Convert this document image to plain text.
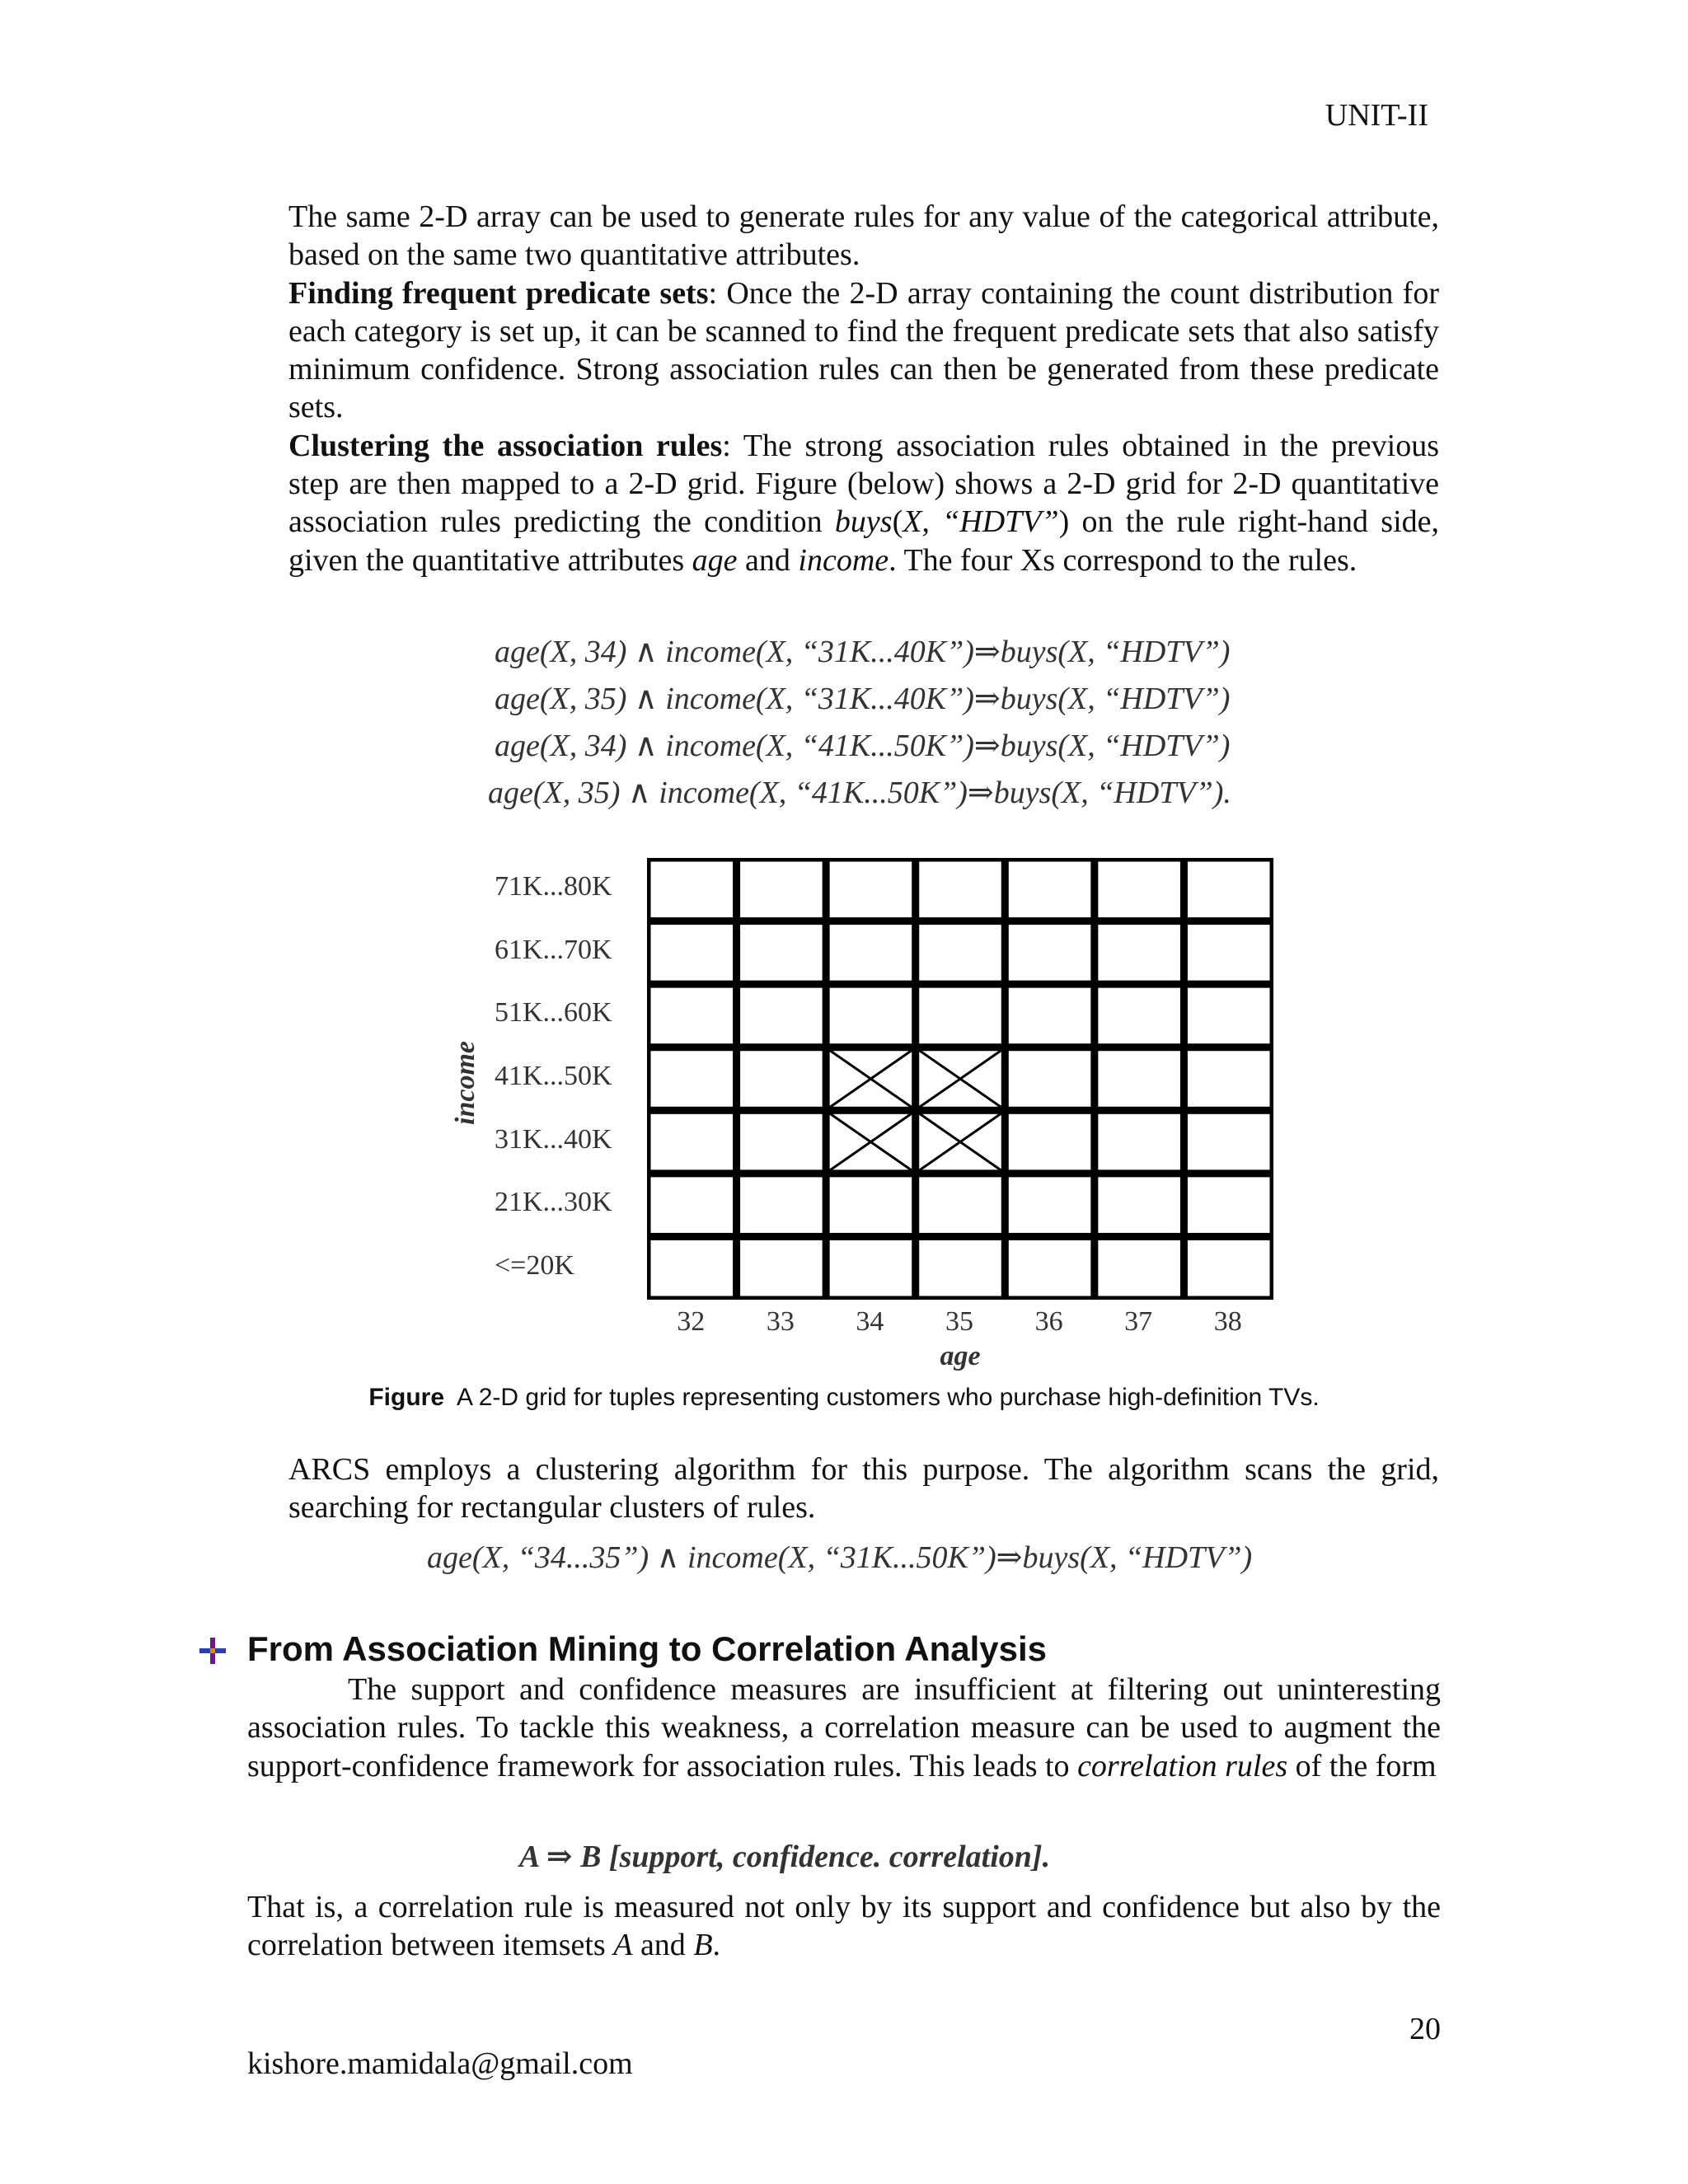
UNIT-II
The same 2-D array can be used to generate rules for any value of the categorical attribute, based on the same two quantitative attributes.
Finding frequent predicate sets: Once the 2-D array containing the count distribution for each category is set up, it can be scanned to find the frequent predicate sets that also satisfy minimum confidence. Strong association rules can then be generated from these predicate sets.
Clustering the association rules: The strong association rules obtained in the previous step are then mapped to a 2-D grid. Figure (below) shows a 2-D grid for 2-D quantitative association rules predicting the condition buys(X, “HDTV”) on the rule right-hand side, given the quantitative attributes age and income. The four Xs correspond to the rules.
age(X, 34) ∧ income(X, “31K...40K”)⇒buys(X, “HDTV”)
age(X, 35) ∧ income(X, “31K...40K”)⇒buys(X, “HDTV”)
age(X, 34) ∧ income(X, “41K...50K”)⇒buys(X, “HDTV”)
age(X, 35) ∧ income(X, “41K...50K”)⇒buys(X, “HDTV”).
income
71K...80K
61K...70K
51K...60K
41K...50K
31K...40K
21K...30K
<=20K
32 33 34 35 36 37 38
age
Figure A 2-D grid for tuples representing customers who purchase high-definition TVs.
ARCS employs a clustering algorithm for this purpose. The algorithm scans the grid, searching for rectangular clusters of rules.
age(X, “34...35”) ∧ income(X, “31K...50K”)⇒buys(X, “HDTV”)
From Association Mining to Correlation Analysis
The support and confidence measures are insufficient at filtering out uninteresting association rules. To tackle this weakness, a correlation measure can be used to augment the support-confidence framework for association rules. This leads to correlation rules of the form
A ⇒ B [support, confidence. correlation].
That is, a correlation rule is measured not only by its support and confidence but also by the correlation between itemsets A and B.
20
kishore.mamidala@gmail.com
